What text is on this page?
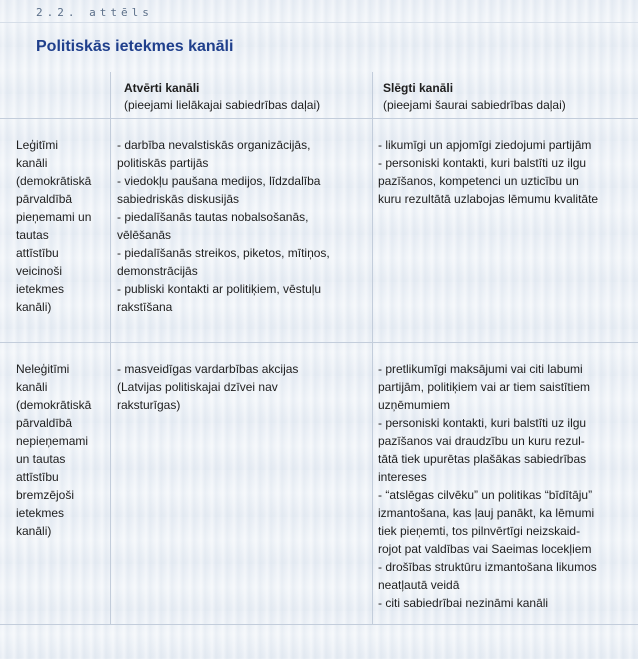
2.2. attēls
Politiskās ietekmes kanāli
Atvērti kanāli
(pieejami lielākajai sabiedrības daļai)
Slēgti kanāli
(pieejami šaurai sabiedrības daļai)
Leģitīmi
kanāli
(demokrātiskā
pārvaldībā
pieņemami un
tautas
attīstību
veicinoši
ietekmes
kanāli)
- darbība nevalstiskās organizācijās,
politiskās partijās
- viedokļu paušana medijos, līdzdalība
sabiedriskās diskusijās
- piedalīšanās tautas nobalsošanās,
vēlēšanās
- piedalīšanās streikos, piketos, mītiņos,
demonstrācijās
- publiski kontakti ar politiķiem, vēstuļu
rakstīšana
- likumīgi un apjomīgi ziedojumi partijām
- personiski kontakti, kuri balstīti uz ilgu
pazīšanos, kompetenci un uzticību un
kuru rezultātā uzlabojas lēmumu kvalitāte
Neleģitīmi
kanāli
(demokrātiskā
pārvaldībā
nepieņemami
un tautas
attīstību
bremzējoši
ietekmes
kanāli)
- masveidīgas vardarbības akcijas
(Latvijas politiskajai dzīvei nav
raksturīgas)
- pretlikumīgi maksājumi vai citi labumi
partijām, politiķiem vai ar tiem saistītiem
uzņēmumiem
- personiski kontakti, kuri balstīti uz ilgu
pazīšanos vai draudzību un kuru rezul-
tātā tiek upurētas plašākas sabiedrības
intereses
- “atslēgas cilvēku” un politikas “bīdītāju”
izmantošana, kas ļauj panākt, ka lēmumi
tiek pieņemti, tos pilnvērtīgi neizskaid-
rojot pat valdības vai Saeimas locekļiem
- drošības struktūru izmantošana likumos
neatļautā veidā
- citi sabiedrībai nezināmi kanāli
